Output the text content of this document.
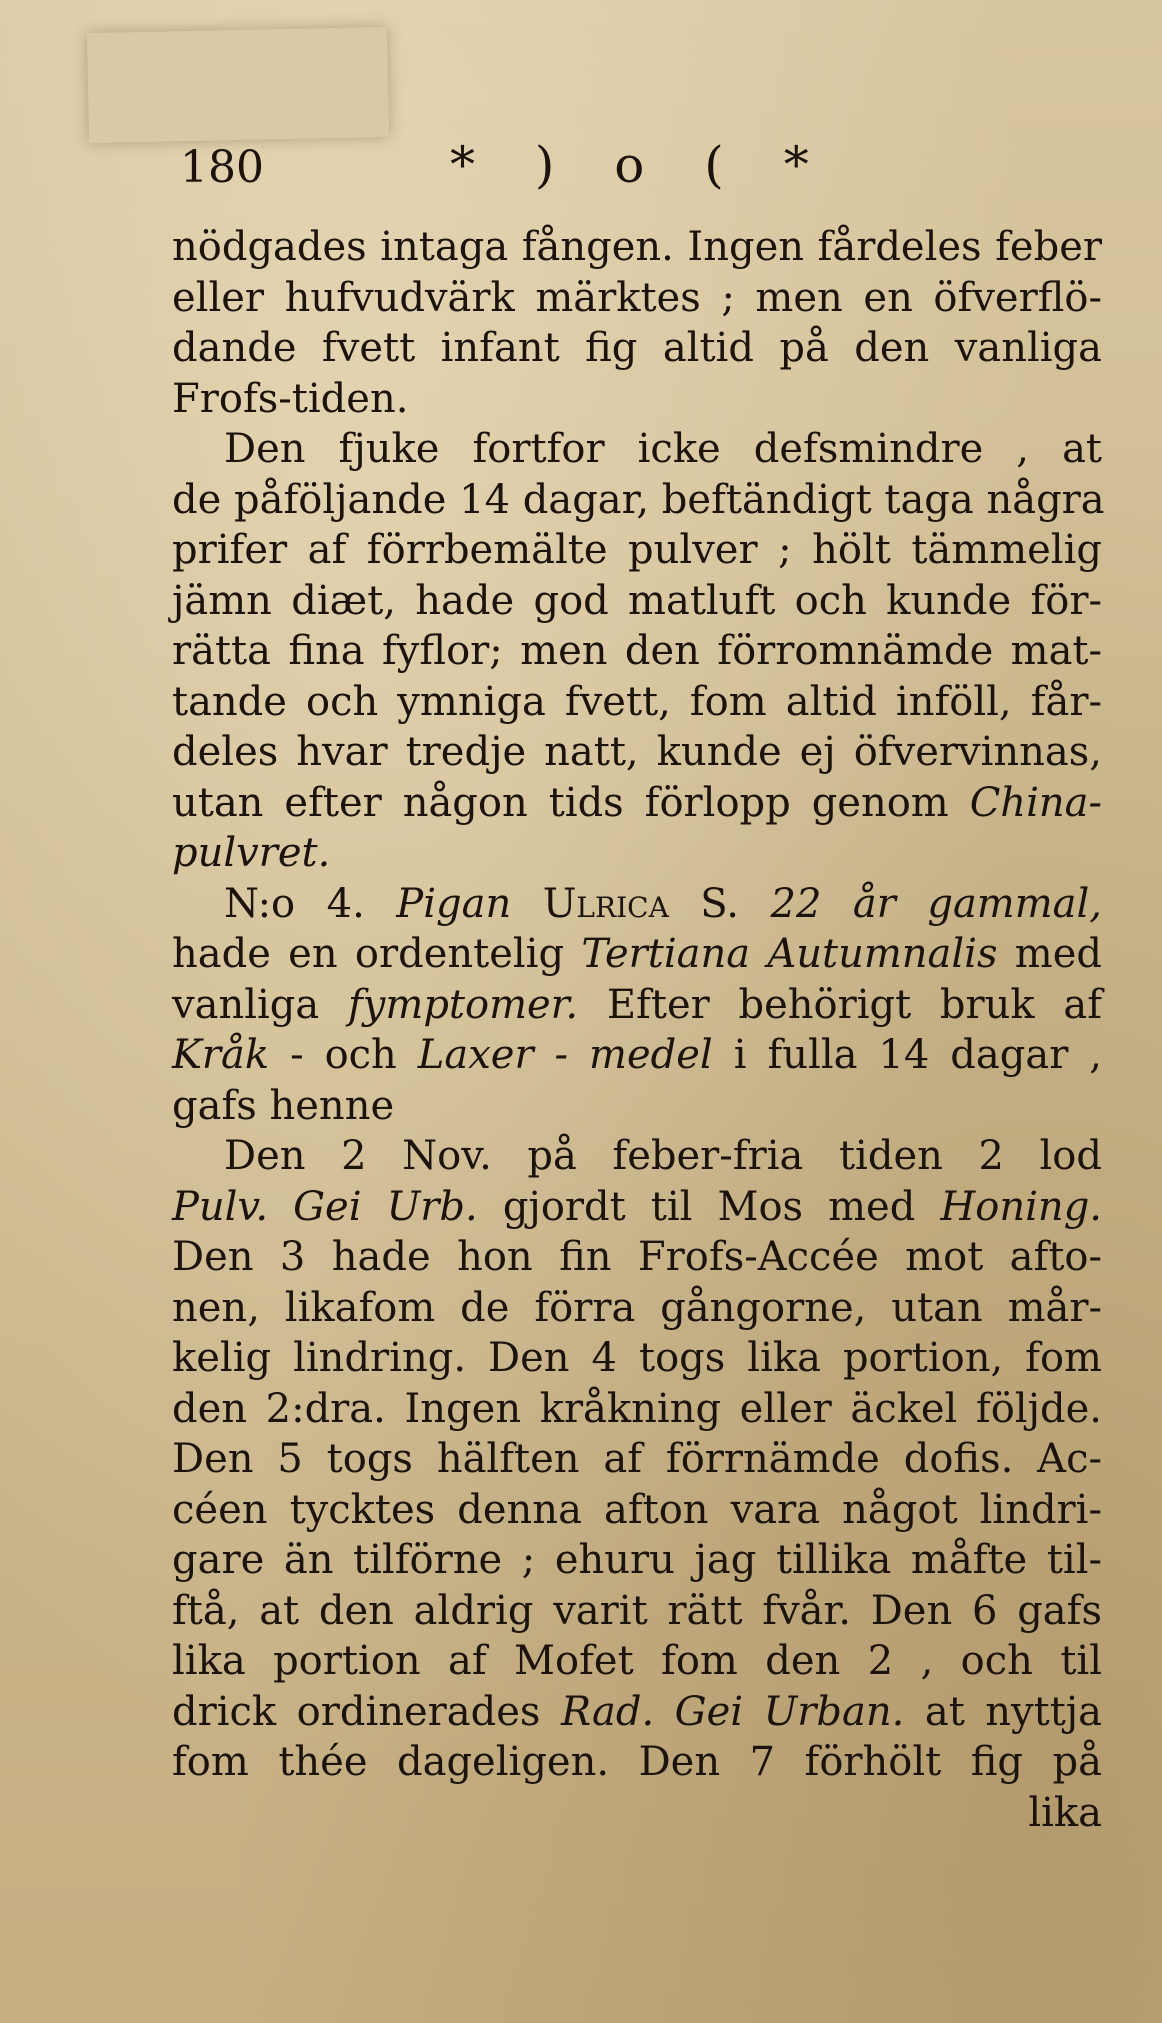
180	* ) o ( *
nödgades intaga fången. Ingen fårdeles feber
eller hufvudvärk märktes ; men en öfverflö-
dande fvett infant fig altid på den vanliga
Frofs-tiden.
Den fjuke fortfor icke defsmindre , at
de påföljande 14 dagar, beftändigt taga några
prifer af förrbemälte pulver ; hölt tämmelig
jämn diæt, hade god matluft och kunde för-
rätta fina fyflor; men den förromnämde mat-
tande och ymniga fvett, fom altid inföll, får-
deles hvar tredje natt, kunde ej öfvervinnas,
utan efter någon tids förlopp genom China-
pulvret.
N:o 4. Pigan Ulrica S. 22 år gammal,
hade en ordentelig Tertiana Autumnalis med
vanliga fymptomer. Efter behörigt bruk af
Kråk - och Laxer - medel i fulla 14 dagar ,
gafs henne
Den 2 Nov. på feber-fria tiden 2 lod
Pulv. Gei Urb. gjordt til Mos med Honing.
Den 3 hade hon fin Frofs-Accée mot afto-
nen, likafom de förra gångorne, utan mår-
kelig lindring. Den 4 togs lika portion, fom
den 2:dra. Ingen kråkning eller äckel följde.
Den 5 togs hälften af förrnämde dofis. Ac-
céen tycktes denna afton vara något lindri-
gare än tilförne ; ehuru jag tillika måfte til-
ftå, at den aldrig varit rätt fvår. Den 6 gafs
lika portion af Mofet fom den 2 , och til
drick ordinerades Rad. Gei Urban. at nyttja
fom thée dageligen. Den 7 förhölt fig på
lika
